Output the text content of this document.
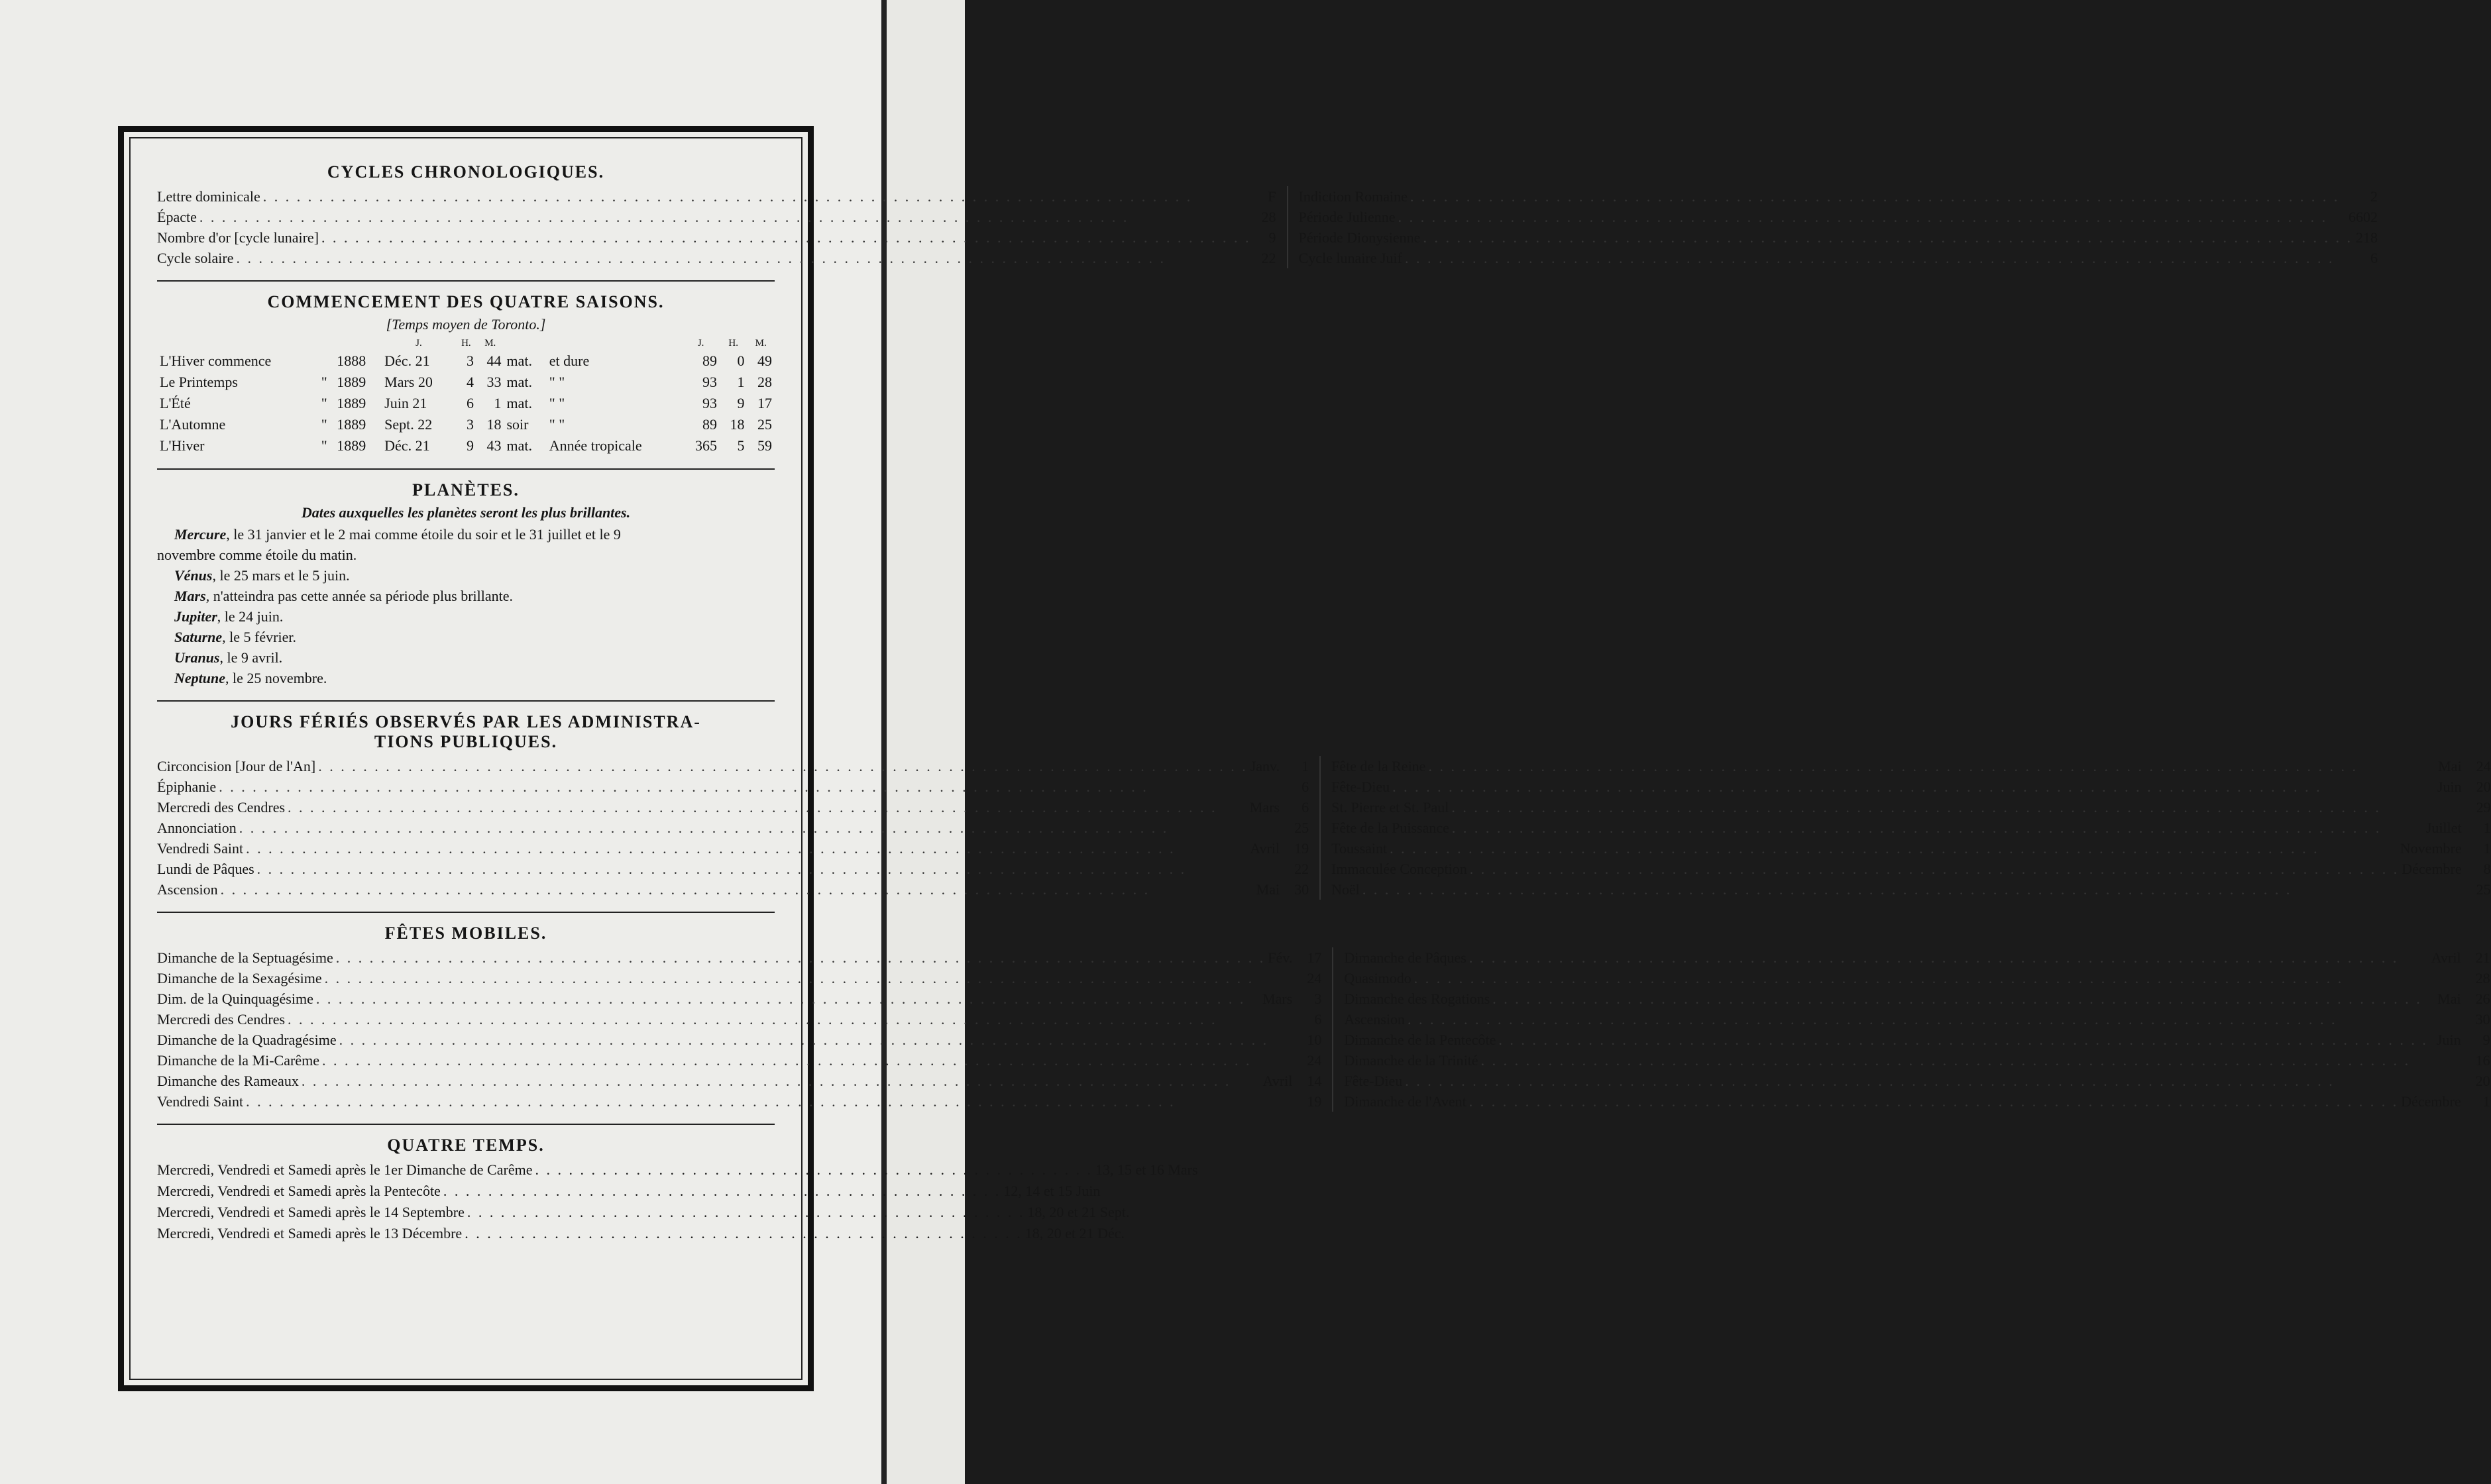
CYCLES CHRONOLOGIQUES.
Lettre dominicale . . .	F
Épacte . . .	28
Nombre d'or [cycle lunaire] . . .	9
Cycle solaire . . .	22
Indiction Romaine . . .	2
Période Julienne . . .	6602
Période Dionysienne . . .	218
Cycle lunaire Juif . . .	6
COMMENCEMENT DES QUATRE SAISONS.
[Temps moyen de Toronto.]
			J.	H.	M.			J.	H.	M.
L'Hiver commence		1888	Déc. 21	3	44	mat.	et dure	89	0	49
Le Printemps	"	1889	Mars 20	4	33	mat.	" "	93	1	28
L'Été	"	1889	Juin 21	6	1	mat.	" "	93	9	17
L'Automne	"	1889	Sept. 22	3	18	soir	" "	89	18	25
L'Hiver	"	1889	Déc. 21	9	43	mat.	Année tropicale	365	5	59
PLANÈTES.
Dates auxquelles les planètes seront les plus brillantes.
Mercure, le 31 janvier et le 2 mai comme étoile du soir et le 31 juillet et le 9
novembre comme étoile du matin.
Vénus, le 25 mars et le 5 juin.
Mars, n'atteindra pas cette année sa période plus brillante.
Jupiter, le 24 juin.
Saturne, le 5 février.
Uranus, le 9 avril.
Neptune, le 25 novembre.
JOURS FÉRIÉS OBSERVÉS PAR LES ADMINISTRA-
TIONS PUBLIQUES.
Circoncision [Jour de l'An] . . .	Janv.	1
Épiphanie . . .	6
Mercredi des Cendres . . .	Mars	6
Annonciation . . .	25
Vendredi Saint . . .	Avril	19
Lundi de Pâques . . .	22
Ascension . . .	Mai	30
Fête de la Reine . . .	Mai	24
Fête-Dieu . . .	Juin	20
St. Pierre et St. Paul . . .	29
Fête de la Puissance . . .	Juillet	1
Toussaint . . .	Novembre	1
Immaculée Conception . . .	Décembre	8
Noël . . .	25
FÊTES MOBILES.
Dimanche de la Septuagésime . . .	Fév.	17
Dimanche de la Sexagésime . . .	24
Dim. de la Quinquagésime . . .	Mars	3
Mercredi des Cendres . . .	6
Dimanche de la Quadragésime . . .	10
Dimanche de la Mi-Carême . . .	24
Dimanche des Rameaux . . .	Avril	14
Vendredi Saint . . .	19
Dimanche de Pâques . . .	Avril	21
Quasimodo . . .	28
Dimanche des Rogations . . .	Mai	26
Ascension . . .	30
Dimanche de la Pentecôte . . .	Juin	9
Dimanche de la Trinité . . .	16
Fête-Dieu . . .	20
Dimanche de l'Avent . . .	Décembre	1
QUATRE TEMPS.
Mercredi, Vendredi et Samedi après le 1er Dimanche de Carême . . .	13, 15 et 16 Mars
Mercredi, Vendredi et Samedi après la Pentecôte . . .	12, 14 et 15 Juin
Mercredi, Vendredi et Samedi après le 14 Septembre . . .	18, 20 et 21 Sept.
Mercredi, Vendredi et Samedi après le 13 Décembre . . .	18, 20 et 21 Déc.
